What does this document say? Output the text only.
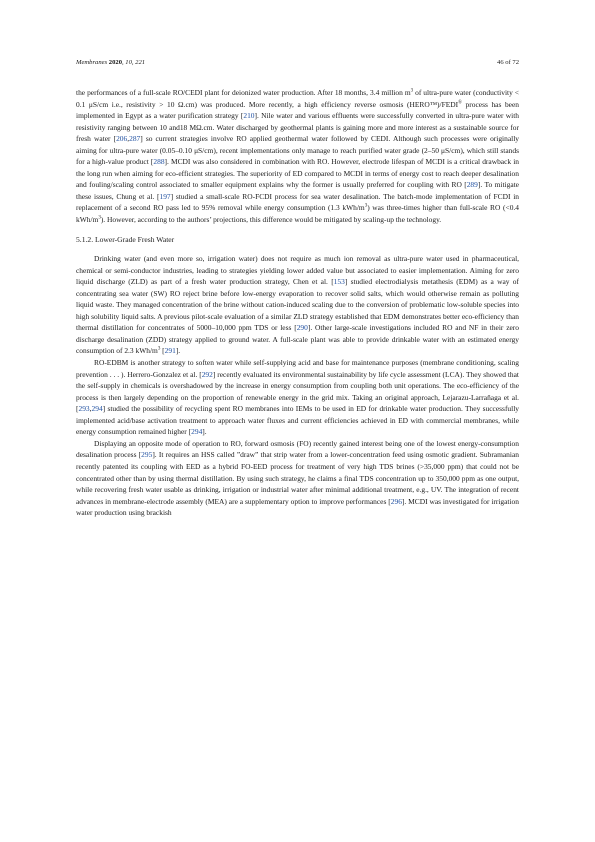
Membranes 2020, 10, 221	46 of 72

the performances of a full-scale RO/CEDI plant for deionized water production. After 18 months, 3.4 million $m^3$ of ultra-pure water (conductivity < 0.1 μS/cm i.e., resistivity > 10 Ω.cm) was produced. More recently, a high efficiency reverse osmosis (HERO™)/FEDI® process has been implemented in Egypt as a water purification strategy [210]. Nile water and various effluents were successfully converted in ultra-pure water with resistivity ranging between 10 and18 MΩ.cm. Water discharged by geothermal plants is gaining more and more interest as a sustainable source for fresh water [206,287] so current strategies involve RO applied geothermal water followed by CEDI. Although such processes were originally aiming for ultra-pure water (0.05–0.10 μS/cm), recent implementations only manage to reach purified water grade (2–50 μS/cm), which still stands for a high-value product [288]. MCDI was also considered in combination with RO. However, electrode lifespan of MCDI is a critical drawback in the long run when aiming for eco-efficient strategies. The superiority of ED compared to MCDI in terms of energy cost to reach deeper desalination and fouling/scaling control associated to smaller equipment explains why the former is usually preferred for coupling with RO [289]. To mitigate these issues, Chung et al. [197] studied a small-scale RO-FCDI process for sea water desalination. The batch-mode implementation of FCDI in replacement of a second RO pass led to 95% removal while energy consumption (1.3 kWh/$m^3$) was three-times higher than full-scale RO (<0.4 kWh/$m^3$). However, according to the authors’ projections, this difference would be mitigated by scaling-up the technology.

5.1.2. Lower-Grade Fresh Water

Drinking water (and even more so, irrigation water) does not require as much ion removal as ultra-pure water used in pharmaceutical, chemical or semi-conductor industries, leading to strategies yielding lower added value but associated to easier implementation. Aiming for zero liquid discharge (ZLD) as part of a fresh water production strategy, Chen et al. [153] studied electrodialysis metathesis (EDM) as a way of concentrating sea water (SW) RO reject brine before low-energy evaporation to recover solid salts, which would otherwise remain as polluting liquid waste. They managed concentration of the brine without cation-induced scaling due to the conversion of problematic low-soluble species into high solubility liquid salts. A previous pilot-scale evaluation of a similar ZLD strategy established that EDM demonstrates better eco-efficiency than thermal distillation for concentrates of 5000–10,000 ppm TDS or less [290]. Other large-scale investigations included RO and NF in their zero discharge desalination (ZDD) strategy applied to ground water. A full-scale plant was able to provide drinkable water with an estimated energy consumption of 2.3 kWh/$m^3$ [291].

RO-EDBM is another strategy to soften water while self-supplying acid and base for maintenance purposes (membrane conditioning, scaling prevention . . . ). Herrero-Gonzalez et al. [292] recently evaluated its environmental sustainability by life cycle assessment (LCA). They showed that the self-supply in chemicals is overshadowed by the increase in energy consumption from coupling both unit operations. The eco-efficiency of the process is then largely depending on the proportion of renewable energy in the grid mix. Taking an original approach, Lejarazu-Larrañaga et al. [293,294] studied the possibility of recycling spent RO membranes into IEMs to be used in ED for drinkable water production. They successfully implemented acid/base activation treatment to approach water fluxes and current efficiencies achieved in ED with commercial membranes, while energy consumption remained higher [294].

Displaying an opposite mode of operation to RO, forward osmosis (FO) recently gained interest being one of the lowest energy-consumption desalination process [295]. It requires an HSS called ”draw” that strip water from a lower-concentration feed using osmotic gradient. Subramanian recently patented its coupling with EED as a hybrid FO-EED process for treatment of very high TDS brines (>35,000 ppm) that could not be concentrated other than by using thermal distillation. By using such strategy, he claims a final TDS concentration up to 350,000 ppm as one output, while recovering fresh water usable as drinking, irrigation or industrial water after minimal additional treatment, e.g., UV. The integration of recent advances in membrane-electrode assembly (MEA) are a supplementary option to improve performances [296]. MCDI was investigated for irrigation water production using brackish
